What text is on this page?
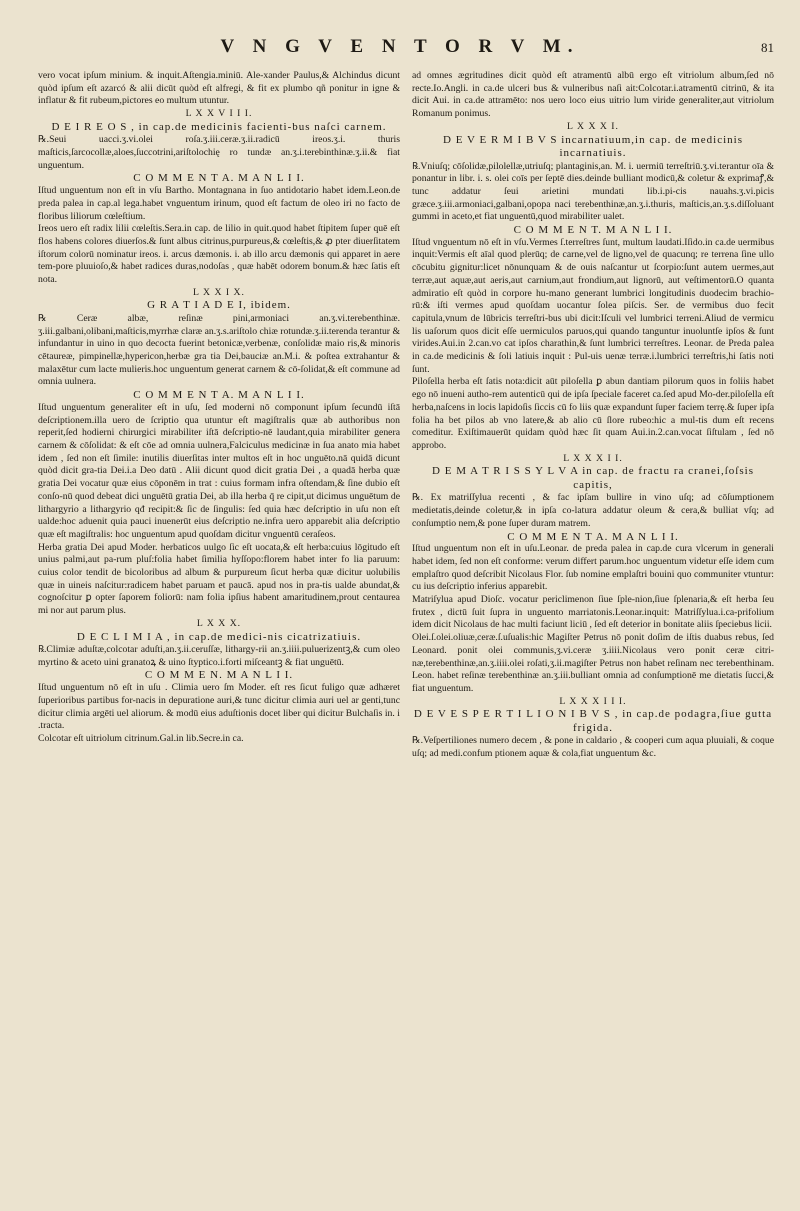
V N G V E N T O R V M.	81

vero vocat ipſum minium. & inquit.Aſtengia.miniū. Ale-xander Paulus,& Alchindus dicunt quòd ipſum eſt azarcó & alii dicūt quòd eſt alfregi, & fit ex plumbo qñ ponitur in igne & inflatur & fit rubeum,pictores eo multum utuntur.

L X X V I I I.

D E I R E O S , in cap.de medicinis facienti-bus naſci carnem.

℞.Seui uacci.ʒ.vi.olei roſa.ʒ.iii.ceræ.ʒ.ii.radicū ireos.ʒ.i. thuris maſticis,ſarcocollæ,aloes,ſuccotrini,ariſtolochię ro tundæ an.ʒ.i.terebinthinæ.ʒ.ii.& fiat unguentum.

C O M M E N T A. M A N L I I.

Iſtud unguentum non eſt in vſu Bartho. Montagnana in ſuo antidotario habet idem.Leon.de preda palea in cap.al lega.habet vnguentum irinum, quod eſt factum de oleo iri no facto de floribus liliorum cœleſtium.

Ireos uero eſt radix lilii cœleſtis.Sera.in cap. de lilio in quit.quod habet ſtipitem ſuper quē eſt flos habens colores diuerſos.& ſunt albus citrinus,purpureus,& cœleſtis,& ꝓ pter diuerſitatem iſtorum colorū nominatur ireos. i. arcus dæmonis. i. ab illo arcu dæmonis qui apparet in aere tem-pore pluuioſo,& habet radices duras,nodoſas , quæ habēt odorem bonum.& hæc ſatis eſt nota.

L X X I X.

G R A T I A D E I, ibidem.

℞ Ceræ albæ, reſinæ pini,armoniaci an.ʒ.vi.terebenthinæ. ʒ.iii.galbani,olibani,maſticis,myrrhæ claræ an.ʒ.s.ariſtolo chiæ rotundæ.ʒ.ii.terenda terantur & infundantur in uino in quo decocta fuerint betonicæ,verbenæ, conſolidæ maio ris,& minoris cētaureæ, pimpinellæ,hypericon,herbæ gra tia Dei,bauciæ an.M.i. & poſtea extrahantur & malaxētur cum lacte mulieris.hoc unguentum generat carnem & cō-ſolidat,& eſt commune ad omnia uulnera.

C O M M E N T A. M A N L I I.

Iſtud unguentum generaliter eſt in uſu, ſed moderni nō componunt ipſum ſecundū iſtā deſcriptionem.illa uero de ſcriptio qua utuntur eſt magiſtralis quæ ab authoribus non reperit,ſed hodierni chirurgici mirabiliter iſtā deſcriptio-nē laudant,quia mirabiliter genera carnem & cōſolidat: & eſt cōe ad omnia uulnera,Falciculus medicinæ in ſua anato mia habet idem , ſed non eſt ſimile: inutilis diuerſitas inter multos eſt in hoc unguēto.nā quidā dicunt quòd dicit gra-tia Dei.i.a Deo datū . Alii dicunt quod dicit gratia Dei , a quadā herba quæ gratia Dei vocatur quæ eius cōponēm in trat : cuius formam infra oſtendam,& ſine dubio eſt conſo-nū quod debeat dici unguētū gratia Dei, ab illa herba q̄ re cipit,ut dicimus unguētum de lithargyrio a lithargyrio qđ recipit:& ſic de ſingulis: ſed quia hæc deſcriptio in uſu non eſt ualde:hoc aduenit quia pauci inuenerūt eius deſcriptio ne.infra uero apparebit alia deſcriptio quæ eſt magiſtralis: hoc unguentum apud quoſdam dicitur vnguentū ceraſeos.

Herba gratia Dei apud Moder. herbaticos uulgo ſic eſt uocata,& eſt herba:cuius lōgitudo eſt unius palmi,aut pa-rum pluſ:folia habet ſimilia hyſſopo:florem habet inter fo lia paruum: cuius color tendit de bicoloribus ad album & purpureum ſicut herba quæ dicitur uolubilis quæ in uineis naſcitur:radicem habet paruam et paucā. apud nos in pra-tis ualde abundat,& cognoſcitur ꝑ opter ſaporem foliorū: nam folia ipſius habent amaritudinem,prout centaurea mi nor aut parum plus.

L X X X.

D E C L I M I A , in cap.de medici-nis cicatrizatiuis.

℞.Climiæ aduſtæ,colcotar aduſti,an.ʒ.ii.ceruſſæ, lithargy-rii an.ʒ.iiii.puluerizentꝫ,& cum oleo myrtino & aceto uini granatoꝝ & uino ſtyptico.i.forti miſceantꝫ & fiat unguētū.

C O M M E N. M A N L I I.

Iſtud unguentum nō eſt in uſu . Climia uero ſm Moder. eſt res ſicut fuligo quæ adhæret ſuperioribus partibus for-nacis in depuratione auri,& tunc dicitur climia auri uel ar genti,tunc dicitur climia argēti uel aliorum. & modū eius aduſtionis docet liber qui dicitur Bulchaſis in. i .tracta.

Colcotar eſt uitriolum citrinum.Gal.in lib.Secre.in ca.

ad omnes ægritudines dicit quòd eſt atramentū albū ergo eſt vitriolum album,ſed nō recte.Io.Angli. in ca.de ulceri bus & vulneribus naſi ait:Colcotar.i.atramentū citrinū, & ita dicit Aui. in ca.de attramēto: nos uero loco eius uitrio lum viride generaliter,aut vitriolum Romanum ponimus.

L X X X I.

D E V E R M I B V S incarnatiuum,in cap. de medicinis incarnatiuis.

℞.Vniuſq; cōſolidæ,pilolellæ,utriuſq; plantaginis,an. M. i. uermiū terreſtriū.ʒ.vi.terantur oīa & ponantur in libr. i. s. olei coīs per ſeptē dies.deinde bulliant modicū,& coletur & exprimaꝭ,& tunc addatur ſeui arietini mundati lib.i.pi-cis nauahs.ʒ.vi.picis græce.ʒ.iii.armoniaci,galbani,opopa naci terebenthinæ,an.ʒ.i.thuris, maſticis,an.ʒ.s.diſſoluant gummi in aceto,et fiat unguentū,quod mirabiliter ualet.

C O M M E N T. M A N L I I.

Iſtud vnguentum nō eſt in vſu.Vermes ſ.terreſtres ſunt, multum laudati.Iſido.in ca.de uermibus inquit:Vermis eſt aīal quod plerūq; de carne,vel de ligno,vel de quacunq; re terrena ſine ullo cōcubitu gignitur:licet nōnunquam & de ouis naſcantur ut ſcorpio:ſunt autem uermes,aut terræ,aut aquæ,aut aeris,aut carnium,aut frondium,aut lignorū, aut veſtimentorū.O quanta admiratio eſt quòd in corpore hu-mano generant lumbrici longitudinis duodecim brachio-rū:& iſti vermes apud quoſdam uocantur ſolea piſcis. Ser. de vermibus duo fecit capitula,vnum de lūbricis terreſtri-bus ubi dicit:Iſculi vel lumbrici terreni.Aliud de vermicu lis uaſorum quos dicit eſſe uermiculos paruos,qui quando tanguntur inuoluntſe ipſos & ſunt virides.Aui.in 2.can.vo cat ipſos charathin,& ſunt lumbrici terreſtres. Leonar. de Preda palea in ca.de medicinis & ſoli latiuis inquit : Pul-uis uenæ terræ.i.lumbrici terreſtris,hi ſatis noti ſunt.

Piloſella herba eſt ſatis nota:dicit aūt piloſella ꝑ abun dantiam pilorum quos in foliis habet ego nō inueni autho-rem autenticū qui de ipſa ſpeciale faceret ca.ſed apud Mo-der.piloſella eſt herba,naſcens in locis lapidoſis ſiccis cū fo liis quæ expandunt ſuper faciem terrę.& ſuper ipſa folia ha bet pilos ab vno latere,& ab alio cū ſlore rubeo:hic a mul-tis dum eſt recens comeditur. Exiſtimauerūt quidam quòd hæc ſit quam Aui.in.2.can.vocat ſiſtulam , ſed nō approbo.

L X X X I I.

D E M A T R I S S Y L V A in cap. de fractu ra cranei,ſoſsis capitis,

℞. Ex matriſſylua recenti , & fac ipſam bullire in vino uſq; ad cōſumptionem medietatis,deinde coletur,& in ipſa co-latura addatur oleum & cera,& bulliat vſq; ad conſumptio nem,& pone ſuper duram matrem.

C O M M E N T A. M A N L I I.

Iſtud unguentum non eſt in uſu.Leonar. de preda palea in cap.de cura vlcerum in generali habet idem, ſed non eſt conforme: verum differt parum.hoc unguentum videtur eſſe idem cum emplaſtro quod deſcribit Nicolaus Flor. ſub nomine emplaſtri bouini quo communiter vtuntur: cu ius deſcriptio inferius apparebit.

Matriſylua apud Dioſc. vocatur periclimenon ſiue ſple-nion,ſiue ſplenaria,& eſt herba ſeu frutex , dictū ſuit ſupra in unguento marriatonis.Leonar.inquit: Matriſſylua.i.ca-prifolium idem dicit Nicolaus de hac multi faciunt liciū , ſed eſt deterior in bonitate aliis ſpeciebus licii.

Olei.ſ.olei.oliuæ,ceræ.ſ.uſualis:hic Magiſter Petrus nō ponit doſim de iſtis duabus rebus, ſed Leonard. ponit olei communis,ʒ.vi.ceræ ʒ.iiii.Nicolaus vero ponit ceræ citri-næ,terebenthinæ,an.ʒ.iiii.olei roſati,ʒ.ii.magiſter Petrus non habet reſinam nec terebenthinam. Leon. habet reſinæ terebenthinæ an.ʒ.iii.bulliant omnia ad conſumptionē me dietatis ſucci,& fiat unguentum.

L X X X I I I.

D E V E S P E R T I L I O N I B V S , in cap.de podagra,ſiue gutta frigida.

℞.Veſpertiliones numero decem , & pone in caldario , & cooperi cum aqua pluuiali, & coque uſq; ad medi.confum ptionem aquæ & cola,fiat unguentum &c.
